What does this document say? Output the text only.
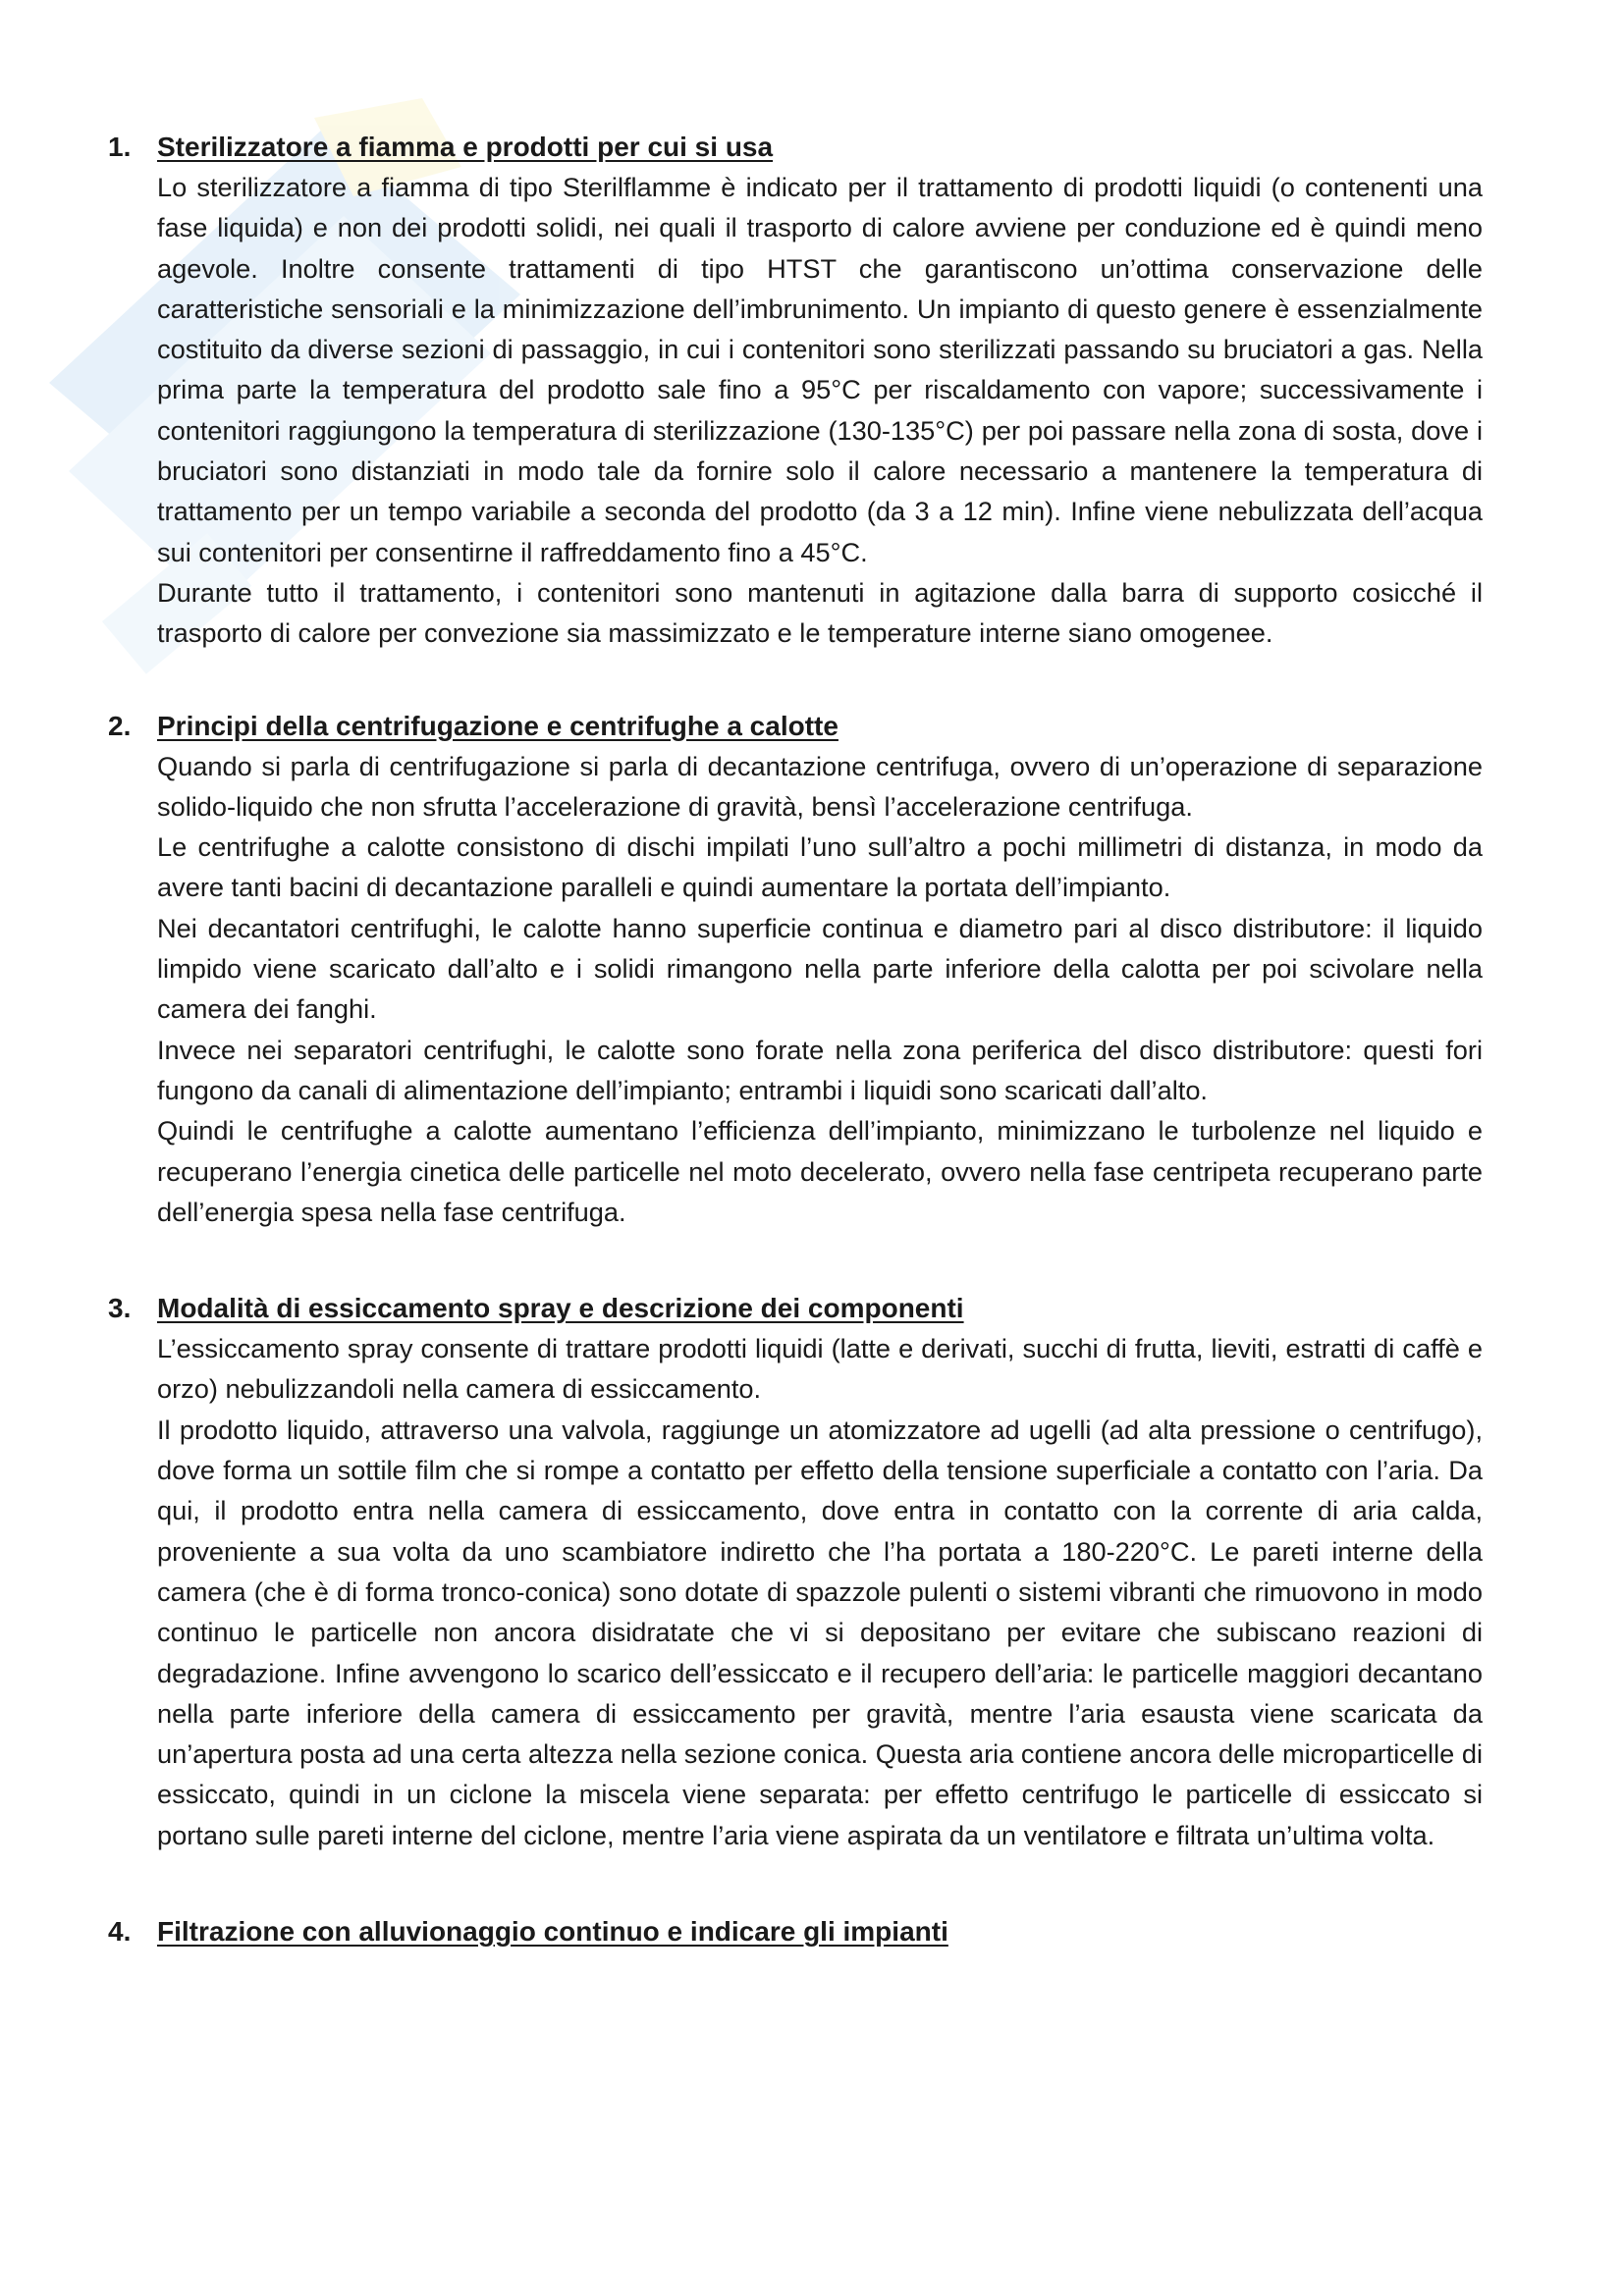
1. Sterilizzatore a fiamma e prodotti per cui si usa

Lo sterilizzatore a fiamma di tipo Sterilflamme è indicato per il trattamento di prodotti liquidi (o contenenti una fase liquida) e non dei prodotti solidi, nei quali il trasporto di calore avviene per conduzione ed è quindi meno agevole. Inoltre consente trattamenti di tipo HTST che garantiscono un’ottima conservazione delle caratteristiche sensoriali e la minimizzazione dell’imbrunimento. Un impianto di questo genere è essenzialmente costituito da diverse sezioni di passaggio, in cui i contenitori sono sterilizzati passando su bruciatori a gas. Nella prima parte la temperatura del prodotto sale fino a 95°C per riscaldamento con vapore; successivamente i contenitori raggiungono la temperatura di sterilizzazione (130-135°C) per poi passare nella zona di sosta, dove i bruciatori sono distanziati in modo tale da fornire solo il calore necessario a mantenere la temperatura di trattamento per un tempo variabile a seconda del prodotto (da 3 a 12 min). Infine viene nebulizzata dell’acqua sui contenitori per consentirne il raffreddamento fino a 45°C.

Durante tutto il trattamento, i contenitori sono mantenuti in agitazione dalla barra di supporto cosicché il trasporto di calore per convezione sia massimizzato e le temperature interne siano omogenee.

2. Principi della centrifugazione e centrifughe a calotte

Quando si parla di centrifugazione si parla di decantazione centrifuga, ovvero di un’operazione di separazione solido-liquido che non sfrutta l’accelerazione di gravità, bensì l’accelerazione centrifuga.

Le centrifughe a calotte consistono di dischi impilati l’uno sull’altro a pochi millimetri di distanza, in modo da avere tanti bacini di decantazione paralleli e quindi aumentare la portata dell’impianto.

Nei decantatori centrifughi, le calotte hanno superficie continua e diametro pari al disco distributore: il liquido limpido viene scaricato dall’alto e i solidi rimangono nella parte inferiore della calotta per poi scivolare nella camera dei fanghi.

Invece nei separatori centrifughi, le calotte sono forate nella zona periferica del disco distributore: questi fori fungono da canali di alimentazione dell’impianto; entrambi i liquidi sono scaricati dall’alto.

Quindi le centrifughe a calotte aumentano l’efficienza dell’impianto, minimizzano le turbolenze nel liquido e recuperano l’energia cinetica delle particelle nel moto decelerato, ovvero nella fase centripeta recuperano parte dell’energia spesa nella fase centrifuga.

3. Modalità di essiccamento spray e descrizione dei componenti

L’essiccamento spray consente di trattare prodotti liquidi (latte e derivati, succhi di frutta, lieviti, estratti di caffè e orzo) nebulizzandoli nella camera di essiccamento.

Il prodotto liquido, attraverso una valvola, raggiunge un atomizzatore ad ugelli (ad alta pressione o centrifugo), dove forma un sottile film che si rompe a contatto per effetto della tensione superficiale a contatto con l’aria. Da qui, il prodotto entra nella camera di essiccamento, dove entra in contatto con la corrente di aria calda, proveniente a sua volta da uno scambiatore indiretto che l’ha portata a 180-220°C. Le pareti interne della camera (che è di forma tronco-conica) sono dotate di spazzole pulenti o sistemi vibranti che rimuovono in modo continuo le particelle non ancora disidratate che vi si depositano per evitare che subiscano reazioni di degradazione. Infine avvengono lo scarico dell’essiccato e il recupero dell’aria: le particelle maggiori decantano nella parte inferiore della camera di essiccamento per gravità, mentre l’aria esausta viene scaricata da un’apertura posta ad una certa altezza nella sezione conica. Questa aria contiene ancora delle microparticelle di essiccato, quindi in un ciclone la miscela viene separata: per effetto centrifugo le particelle di essiccato si portano sulle pareti interne del ciclone, mentre l’aria viene aspirata da un ventilatore e filtrata un’ultima volta.

4. Filtrazione con alluvionaggio continuo e indicare gli impianti
